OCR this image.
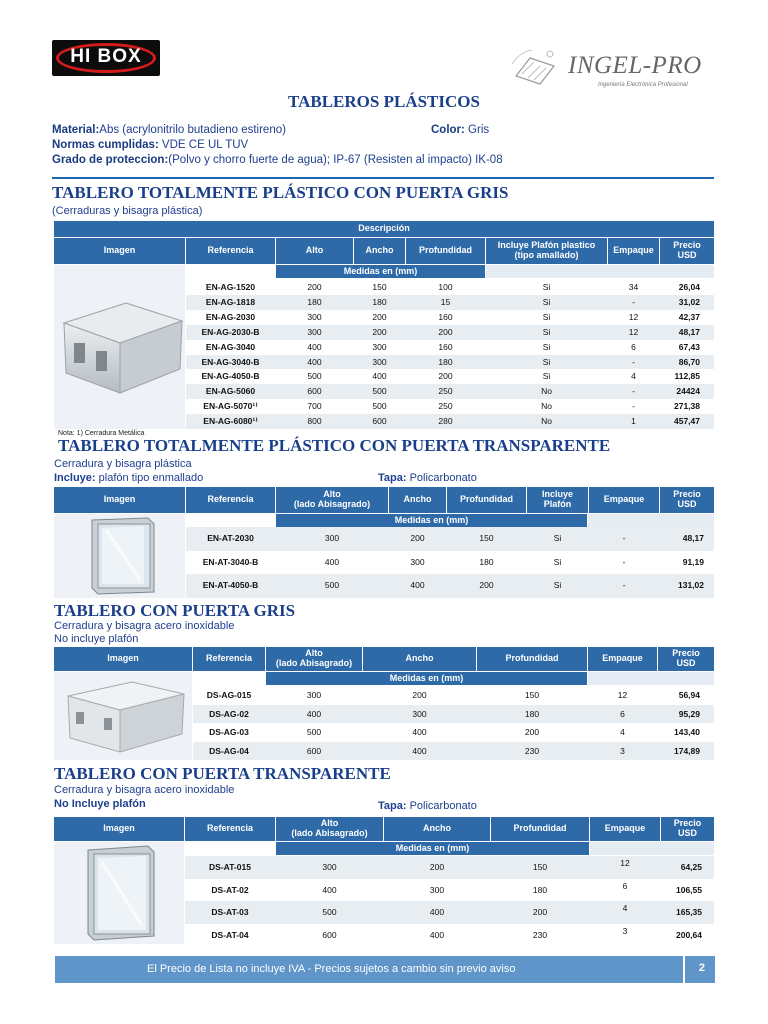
HI BOX	INGEL-PRO
Ingeniería Electrónica Profesional
TABLEROS PLÁSTICOS
Material:Abs (acrylonitrilo butadieno estireno)	Color: Gris
Normas cumplidas: VDE CE UL TUV
Grado de proteccion:(Polvo y chorro fuerte de agua); IP-67 (Resisten al impacto) IK-08
TABLERO TOTALMENTE PLÁSTICO CON PUERTA GRIS
(Cerraduras y bisagra plástica)
Descripción
Imagen	Referencia	Alto	Ancho	Profundidad	Incluye Plafón plastico
(tipo amallado)	Empaque	Precio
USD
Medidas en (mm)
EN-AG-1520	200	150	100	Si	34	26,04
EN-AG-1818	180	180	15	Si	-	31,02
EN-AG-2030	300	200	160	Si	12	42,37
EN-AG-2030-B	300	200	200	Si	12	48,17
EN-AG-3040	400	300	160	Si	6	67,43
EN-AG-3040-B	400	300	180	Si	-	86,70
EN-AG-4050-B	500	400	200	Si	4	112,85
EN-AG-5060	600	500	250	No	-	24424
EN-AG-5070¹⁾	700	500	250	No	-	271,38
EN-AG-6080¹⁾	800	600	280	No	1	457,47
Nota: 1) Cerradura Metálica
TABLERO TOTALMENTE PLÁSTICO CON PUERTA TRANSPARENTE
Cerradura y bisagra plástica
Incluye: plafón tipo enmallado	Tapa: Policarbonato
Imagen	Referencia	Alto
(lado Abisagrado)	Ancho	Profundidad	Incluye
Plafón	Empaque	Precio
USD
Medidas en (mm)
EN-AT-2030	300	200	150	Si	-	48,17
EN-AT-3040-B	400	300	180	Si	-	91,19
EN-AT-4050-B	500	400	200	Si	-	131,02
TABLERO CON PUERTA GRIS
Cerradura y bisagra acero inoxidable
No incluye plafón
Imagen	Referencia	Alto
(lado Abisagrado)	Ancho	Profundidad	Empaque	Precio
USD
Medidas en (mm)
DS-AG-015	300	200	150	12	56,94
DS-AG-02	400	300	180	6	95,29
DS-AG-03	500	400	200	4	143,40
DS-AG-04	600	400	230	3	174,89
TABLERO CON PUERTA TRANSPARENTE
Cerradura y bisagra acero inoxidable
No Incluye plafón	Tapa: Policarbonato
Imagen	Referencia	Alto
(lado Abisagrado)	Ancho	Profundidad	Empaque	Precio
USD
Medidas en (mm)
DS-AT-015	300	200	150	12	64,25
DS-AT-02	400	300	180	6	106,55
DS-AT-03	500	400	200	4	165,35
DS-AT-04	600	400	230	3	200,64
El Precio de Lista no incluye IVA - Precios sujetos a cambio sin previo aviso	2
